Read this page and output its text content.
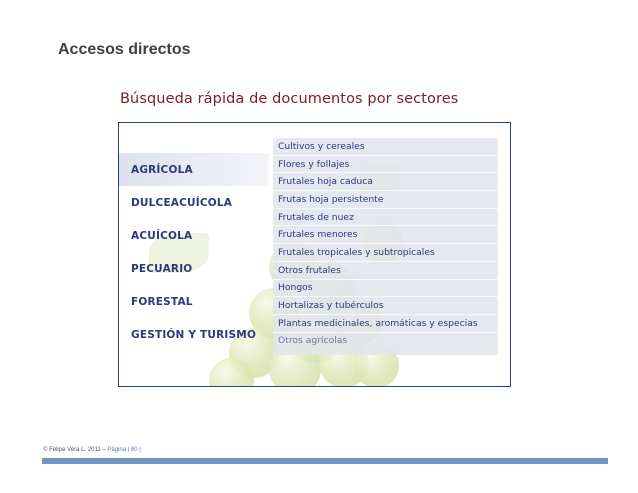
Accesos directos
Búsqueda rápida de documentos por sectores
AGRÍCOLA
DULCEACUÍCOLA
ACUÍCOLA
PECUARIO
FORESTAL
GESTIÓN Y TURISMO
Cultivos y cereales
Flores y follajes
Frutales hoja caduca
Frutas hoja persistente
Frutales de nuez
Frutales menores
Frutales tropicales y subtropicales
Otros frutales
Hongos
Hortalizas y tubérculos
Plantas medicinales, aromáticas y especias
Otros agrícolas
© Felipe Vera L. 2011 – Página | 80 |
